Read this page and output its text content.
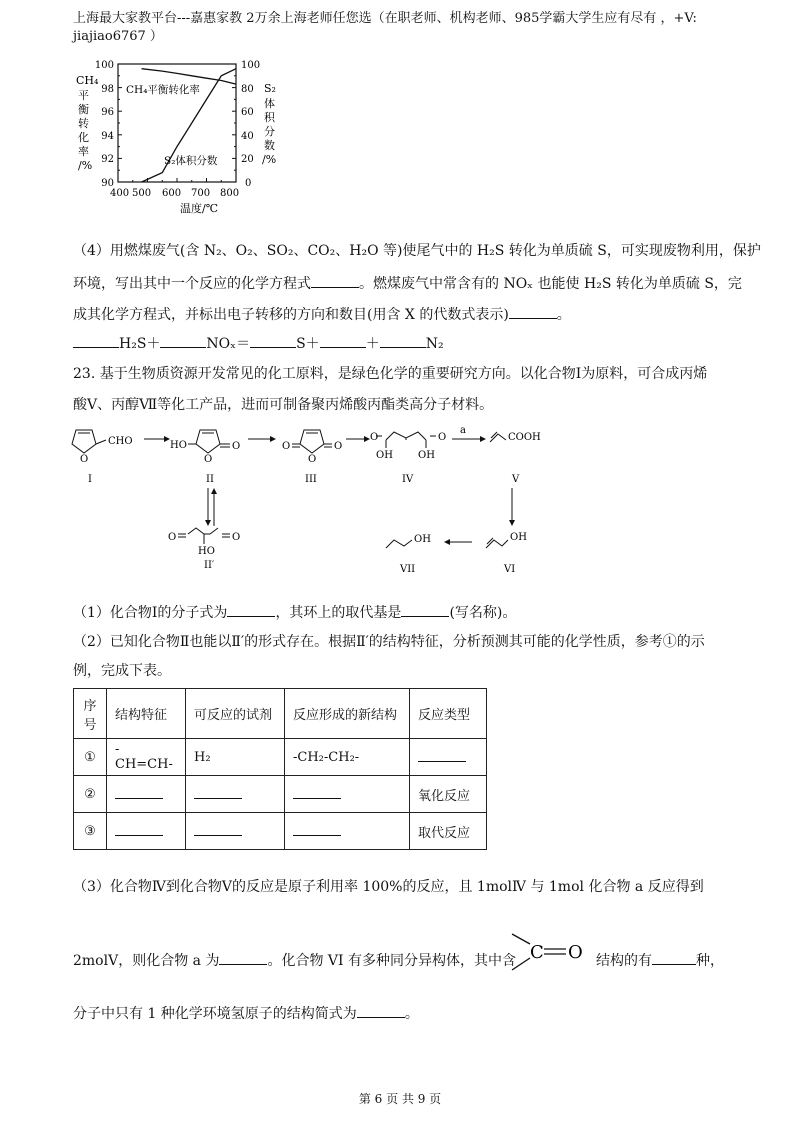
上海最大家教平台---嘉惠家教 2万余上海老师任您选（在职老师、机构老师、985学霸大学生应有尽有 ，+V:
jiajiao6767 ）
CH₄
平
衡
转
化
率
/%
S₂
体
积
分
数
/%
100
98
96
94
92
90
100
80
60
40
20
0
400 500 600 700 800
温度/℃
CH₄平衡转化率
S₂体积分数
（4）用燃煤废气(含 N₂、O₂、SO₂、CO₂、H₂O 等)使尾气中的 H₂S 转化为单质硫 S，可实现废物利用，保护
环境，写出其中一个反应的化学方程式	。燃煤废气中常含有的 NOₓ 也能使 H₂S 转化为单质硫 S，完
成其化学方程式，并标出电子转移的方向和数目(用含 X 的代数式表示)	。
H₂S＋	NOₓ＝	S＋	＋	N₂
23. 基于生物质资源开发常见的化工原料，是绿色化学的重要研究方向。以化合物Ⅰ为原料，可合成丙烯
酸Ⅴ、丙醇Ⅶ等化工产品，进而可制备聚丙烯酸丙酯类高分子材料。
O
CHO
I
HO
O
O
II
O
O
O
III
O	O
OH	OH
IV
a
COOH
V
OH
VI
OH
VII
O	O
HO
II′
（1）化合物Ⅰ的分子式为	，其环上的取代基是	(写名称)。
（2）已知化合物Ⅱ也能以Ⅱ′的形式存在。根据Ⅱ′的结构特征，分析预测其可能的化学性质，参考①的示
例，完成下表。
序号	结构特征	可反应的试剂	反应形成的新结构	反应类型
①	-CH=CH-	H₂	-CH₂-CH₂-	
②				氧化反应
③				取代反应
（3）化合物Ⅳ到化合物Ⅴ的反应是原子利用率 100%的反应，且 1molⅣ 与 1mol 化合物 a 反应得到
2molV，则化合物 a 为	。化合物 VI 有多种同分异构体，其中含 C O 结构的有	种，
分子中只有 1 种化学环境氢原子的结构简式为	。
第 6 页 共 9 页
